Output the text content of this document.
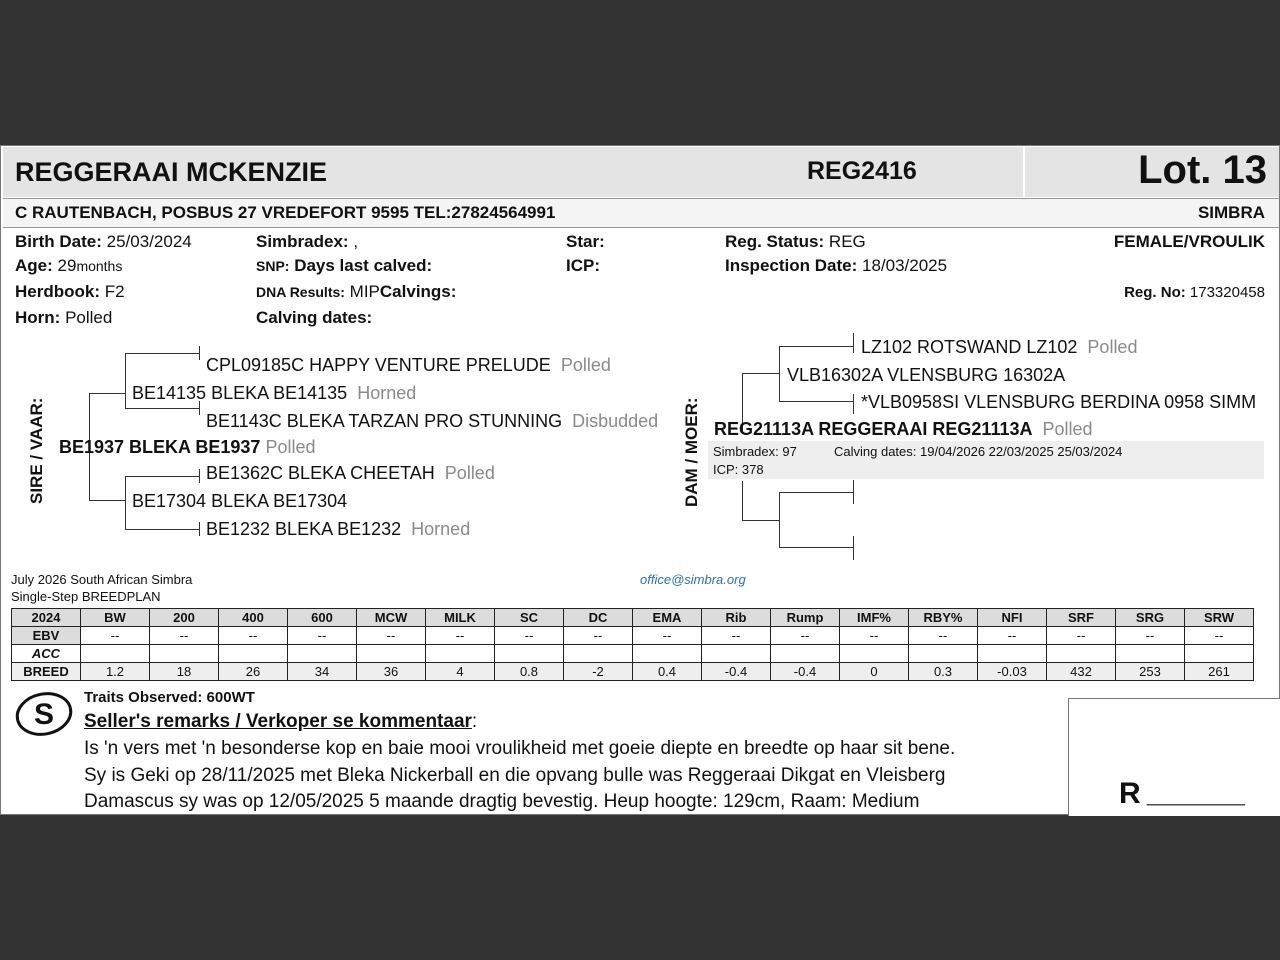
REGGERAAI MCKENZIE	REG2416	Lot. 13
C RAUTENBACH, POSBUS 27 VREDEFORT 9595 TEL:27824564991	SIMBRA
Birth Date: 25/03/2024
Age: 29months
Herdbook: F2
Horn: Polled
Simbradex: ,
SNP: Days last calved:
DNA Results: MIPCalvings:
Calving dates:
Star:
ICP:
Reg. Status: REG
Inspection Date: 18/03/2025
FEMALE/VROULIK
Reg. No: 173320458
SIRE / VAAR:
CPL09185C HAPPY VENTURE PRELUDE Polled
BE14135 BLEKA BE14135 Horned
BE1143C BLEKA TARZAN PRO STUNNING Disbudded
BE1937 BLEKA BE1937 Polled
BE1362C BLEKA CHEETAH Polled
BE17304 BLEKA BE17304
BE1232 BLEKA BE1232 Horned
DAM / MOER:
LZ102 ROTSWAND LZ102 Polled
VLB16302A VLENSBURG 16302A
*VLB0958SI VLENSBURG BERDINA 0958 SIMM
REG21113A REGGERAAI REG21113A Polled
Simbradex: 97	Calving dates: 19/04/2026 22/03/2025 25/03/2024
ICP: 378
July 2026 South African Simbra
Single-Step BREEDPLAN
office@simbra.org
2024	BW	200	400	600	MCW	MILK	SC	DC	EMA	Rib	Rump	IMF%	RBY%	NFI	SRF	SRG	SRW
EBV	--	--	--	--	--	--	--	--	--	--	--	--	--	--	--	--	--
ACC																	
BREED	1.2	18	26	34	36	4	0.8	-2	0.4	-0.4	-0.4	0	0.3	-0.03	432	253	261
S
Traits Observed: 600WT
Seller's remarks / Verkoper se kommentaar:
Is 'n vers met 'n besonderse kop en baie mooi vroulikheid met goeie diepte en breedte op haar sit bene.
Sy is Geki op 28/11/2025 met Bleka Nickerball en die opvang bulle was Reggeraai Dikgat en Vleisberg
Damascus sy was op 12/05/2025 5 maande dragtig bevestig. Heup hoogte: 129cm, Raam: Medium	R ________
